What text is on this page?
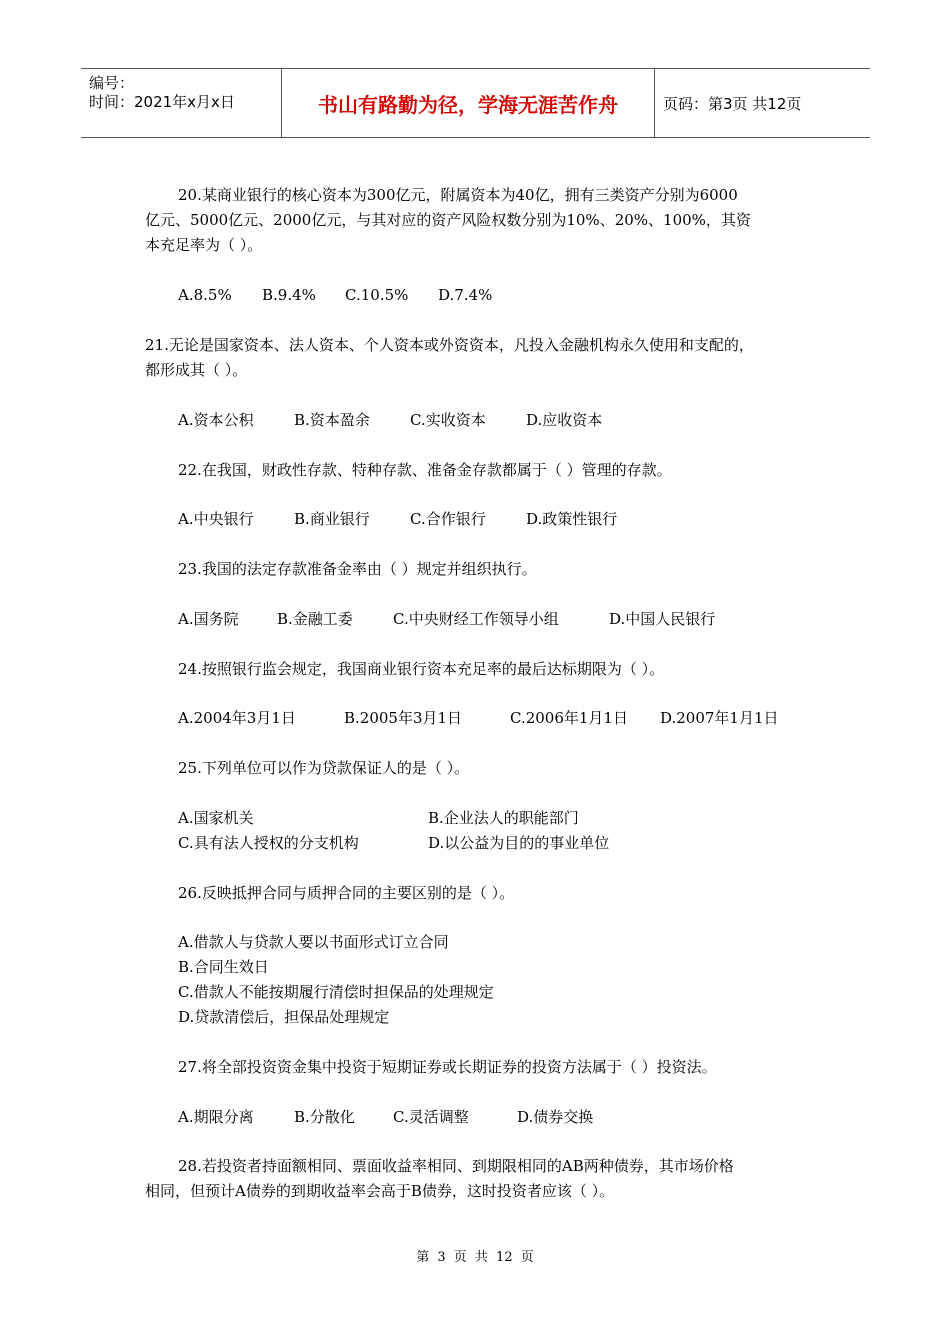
编号：
时间：2021年x月x日	书山有路勤为径，学海无涯苦作舟	页码：第3页 共12页
20.某商业银行的核心资本为300亿元，附属资本为40亿，拥有三类资产分别为6000
亿元、5000亿元、2000亿元，与其对应的资产风险权数分别为10%、20%、100%，其资
本充足率为（ ）。
A.8.5% B.9.4% C.10.5% D.7.4%
21.无论是国家资本、法人资本、个人资本或外资资本，凡投入金融机构永久使用和支配的，
都形成其（ ）。
A.资本公积	B.资本盈余	C.实收资本	D.应收资本
22.在我国，财政性存款、特种存款、准备金存款都属于（ ）管理的存款。
A.中央银行	B.商业银行	C.合作银行	D.政策性银行
23.我国的法定存款准备金率由（ ）规定并组织执行。
A.国务院	B.金融工委	C.中央财经工作领导小组	D.中国人民银行
24.按照银行监会规定，我国商业银行资本充足率的最后达标期限为（ ）。
A.2004年3月1日	B.2005年3月1日	C.2006年1月1日 D.2007年1月1日
25.下列单位可以作为贷款保证人的是（ ）。
A.国家机关	B.企业法人的职能部门
C.具有法人授权的分支机构	D.以公益为目的的事业单位
26.反映抵押合同与质押合同的主要区别的是（ ）。
A.借款人与贷款人要以书面形式订立合同
B.合同生效日
C.借款人不能按期履行清偿时担保品的处理规定
D.贷款清偿后，担保品处理规定
27.将全部投资资金集中投资于短期证券或长期证券的投资方法属于（ ）投资法。
A.期限分离	B.分散化	C.灵活调整	D.债券交换
28.若投资者持面额相同、票面收益率相同、到期限相同的AB两种债券，其市场价格
相同，但预计A债券的到期收益率会高于B债券，这时投资者应该（ ）。
第 3 页 共 12 页
